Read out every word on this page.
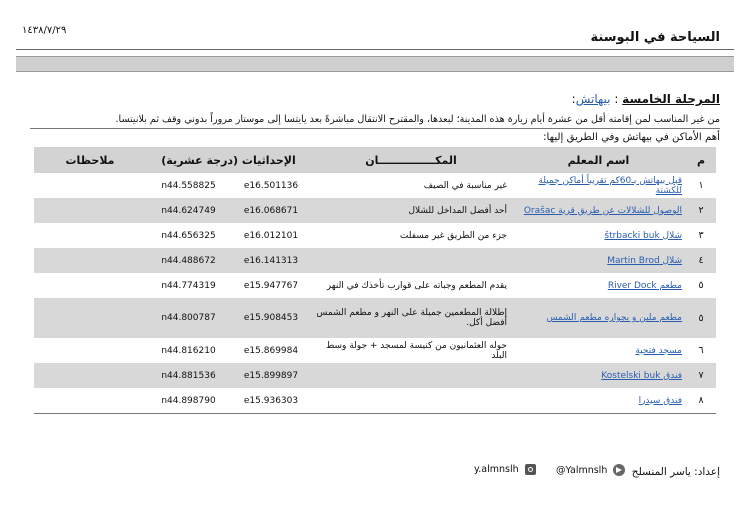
١٤٣٨/٧/٢٩	السياحة في البوسنة
المرحلة الخامسة : بيهاتش:
من غير المناسب لمن إقامته أقل من عشرة أيام زيارة هذه المدينة؛ لبعدها، والمقترح الانتقال مباشرةً بعد يايتسا إلى موستار مروراً بدوني وقف ثم بلانيتسا.
أهم الأماكن في بيهاتش وفي الطريق إليها:
م	اسم المعلم	المكـــــــــــــــان	الإحداثيات (درجة عشرية)		ملاحظات
١	قبل بيهاتش بـ60كم تقريباً أماكن جميلة للكشتة	غير مناسبة في الصيف	e16.501136	n44.558825	
٢	الوصول للشلالات عن طريق قرية Orašac	أحد أفضل المداخل للشلال	e16.068671	n44.624749	
٣	شلال štrbacki buk	جزء من الطريق غير مسفلت	e16.012101	n44.656325	
٤	شلال Martin Brod		e16.141313	n44.488672	
٥	مطعم River Dock	يقدم المطعم وجباته على قوارب تأخذك في النهر	e15.947767	n44.774319	
٥	مطعم ملين و بجواره مطعم الشمس	إطلالة المطعمين جميلة على النهر و مطعم الشمس أفضل أكل.	e15.908453	n44.800787	
٦	مسجد فتحية	حوله العثمانيون من كنيسة لمسجد + جولة وسط البلد	e15.869984	n44.816210	
٧	فندق Kostelski buk		e15.899897	n44.881536	
٨	فندق سيدرا		e15.936303	n44.898790	
إعداد: ياسر المنسلح
@Yalmnslh
y.almnslh
